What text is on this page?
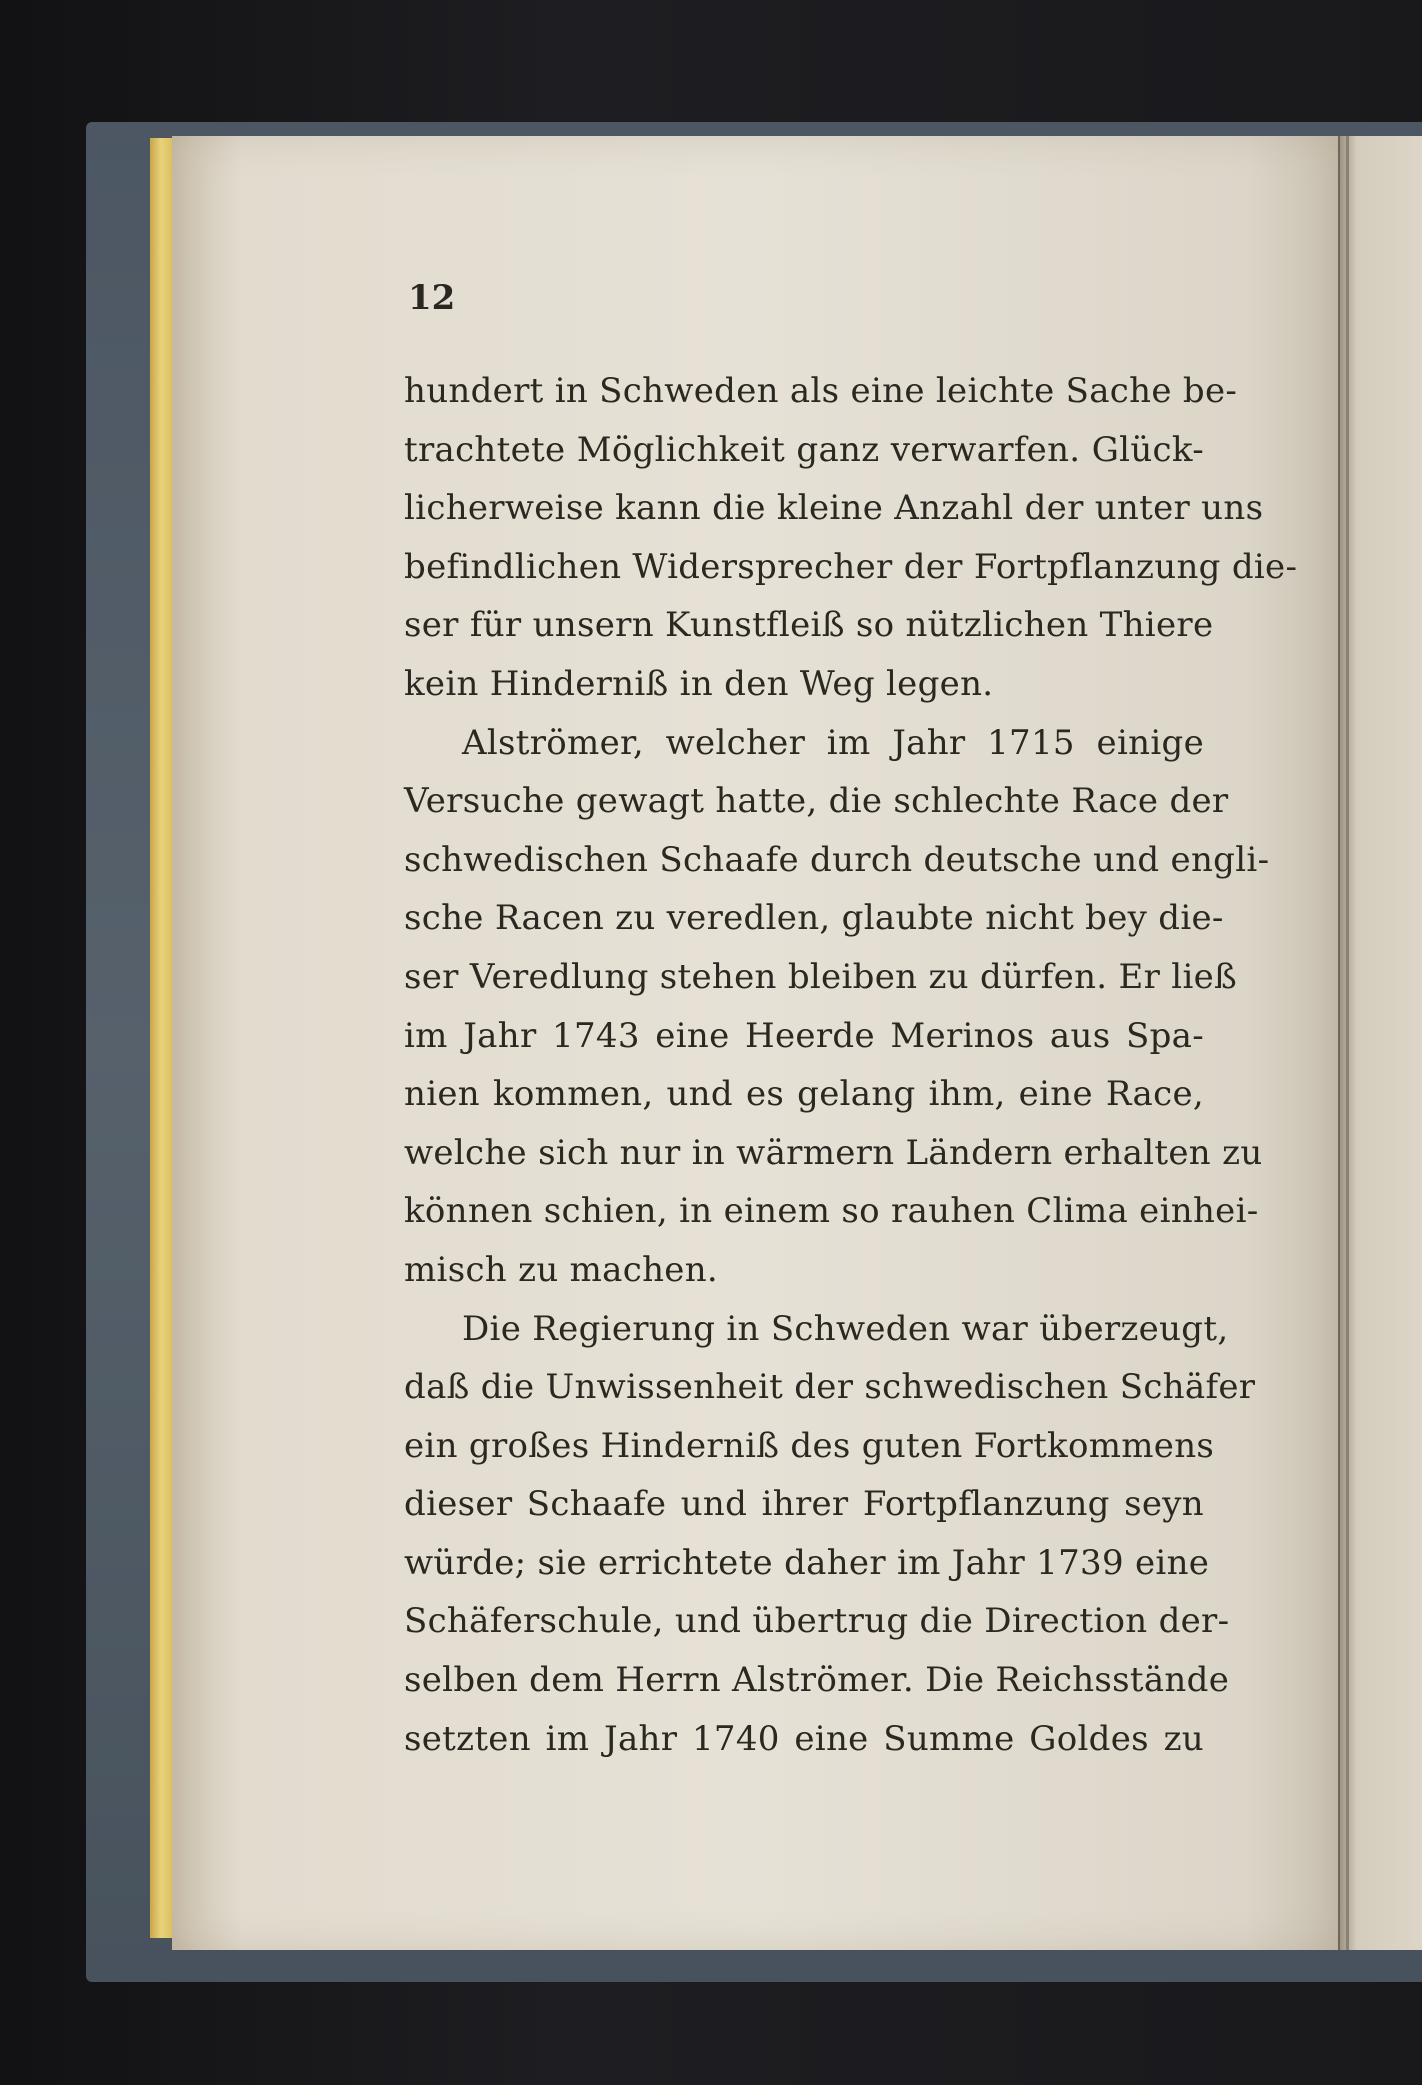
12
hundert in Schweden als eine leichte Sache be-
trachtete Möglichkeit ganz verwarfen. Glück-
licherweise kann die kleine Anzahl der unter uns
befindlichen Widersprecher der Fortpflanzung die-
ser für unsern Kunstfleiß so nützlichen Thiere
kein Hinderniß in den Weg legen.
Alströmer, welcher im Jahr 1715 einige
Versuche gewagt hatte, die schlechte Race der
schwedischen Schaafe durch deutsche und engli-
sche Racen zu veredlen, glaubte nicht bey die-
ser Veredlung stehen bleiben zu dürfen. Er ließ
im Jahr 1743 eine Heerde Merinos aus Spa-
nien kommen, und es gelang ihm, eine Race,
welche sich nur in wärmern Ländern erhalten zu
können schien, in einem so rauhen Clima einhei-
misch zu machen.
Die Regierung in Schweden war überzeugt,
daß die Unwissenheit der schwedischen Schäfer
ein großes Hinderniß des guten Fortkommens
dieser Schaafe und ihrer Fortpflanzung seyn
würde; sie errichtete daher im Jahr 1739 eine
Schäferschule, und übertrug die Direction der-
selben dem Herrn Alströmer. Die Reichsstände
setzten im Jahr 1740 eine Summe Goldes zu
